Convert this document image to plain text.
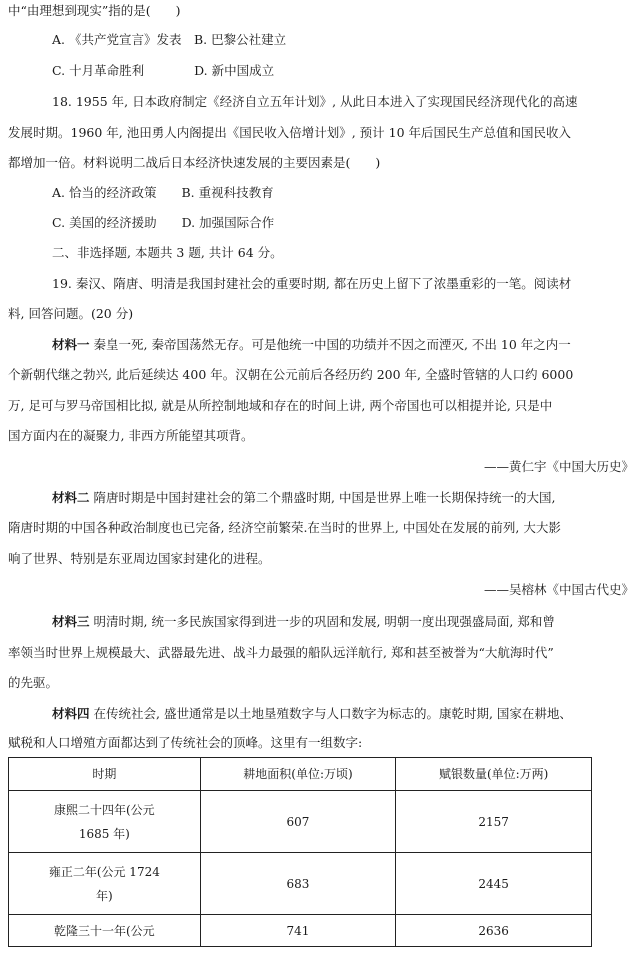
中“由理想到现实”指的是(　　)
A. 《共产党宣言》发表　B. 巴黎公社建立
C. 十月革命胜利　　　　D. 新中国成立
18. 1955 年, 日本政府制定《经济自立五年计划》, 从此日本进入了实现国民经济现代化的高速
发展时期。1960 年, 池田勇人内阁提出《国民收入倍增计划》, 预计 10 年后国民生产总值和国民收入
都增加一倍。材料说明二战后日本经济快速发展的主要因素是(　　)
A. 恰当的经济政策　　B. 重视科技教育
C. 美国的经济援助　　D. 加强国际合作
二、非选择题, 本题共 3 题, 共计 64 分。
19. 秦汉、隋唐、明清是我国封建社会的重要时期, 都在历史上留下了浓墨重彩的一笔。阅读材
料, 回答问题。(20 分)
材料一 秦皇一死, 秦帝国荡然无存。可是他统一中国的功绩并不因之而湮灭, 不出 10 年之内一
个新朝代继之勃兴, 此后延续达 400 年。汉朝在公元前后各经历约 200 年, 全盛时管辖的人口约 6000
万, 足可与罗马帝国相比拟, 就是从所控制地域和存在的时间上讲, 两个帝国也可以相提并论, 只是中
国方面内在的凝聚力, 非西方所能望其项背。
——黄仁宇《中国大历史》
材料二 隋唐时期是中国封建社会的第二个鼎盛时期, 中国是世界上唯一长期保持统一的大国,
隋唐时期的中国各种政治制度也已完备, 经济空前繁荣.在当时的世界上, 中国处在发展的前列, 大大影
响了世界、特别是东亚周边国家封建化的进程。
——吴榕林《中国古代史》
材料三 明清时期, 统一多民族国家得到进一步的巩固和发展, 明朝一度出现强盛局面, 郑和曾
率领当时世界上规模最大、武器最先进、战斗力最强的船队远洋航行, 郑和甚至被誉为“大航海时代”
的先驱。
材料四 在传统社会, 盛世通常是以土地垦殖数字与人口数字为标志的。康乾时期, 国家在耕地、
赋税和人口增殖方面都达到了传统社会的顶峰。这里有一组数字:
时期	耕地面积(单位:万顷)	赋银数量(单位:万两)
康熙二十四年(公元
1685 年)	607	2157
雍正二年(公元 1724
年)	683	2445
乾隆三十一年(公元	741	2636
